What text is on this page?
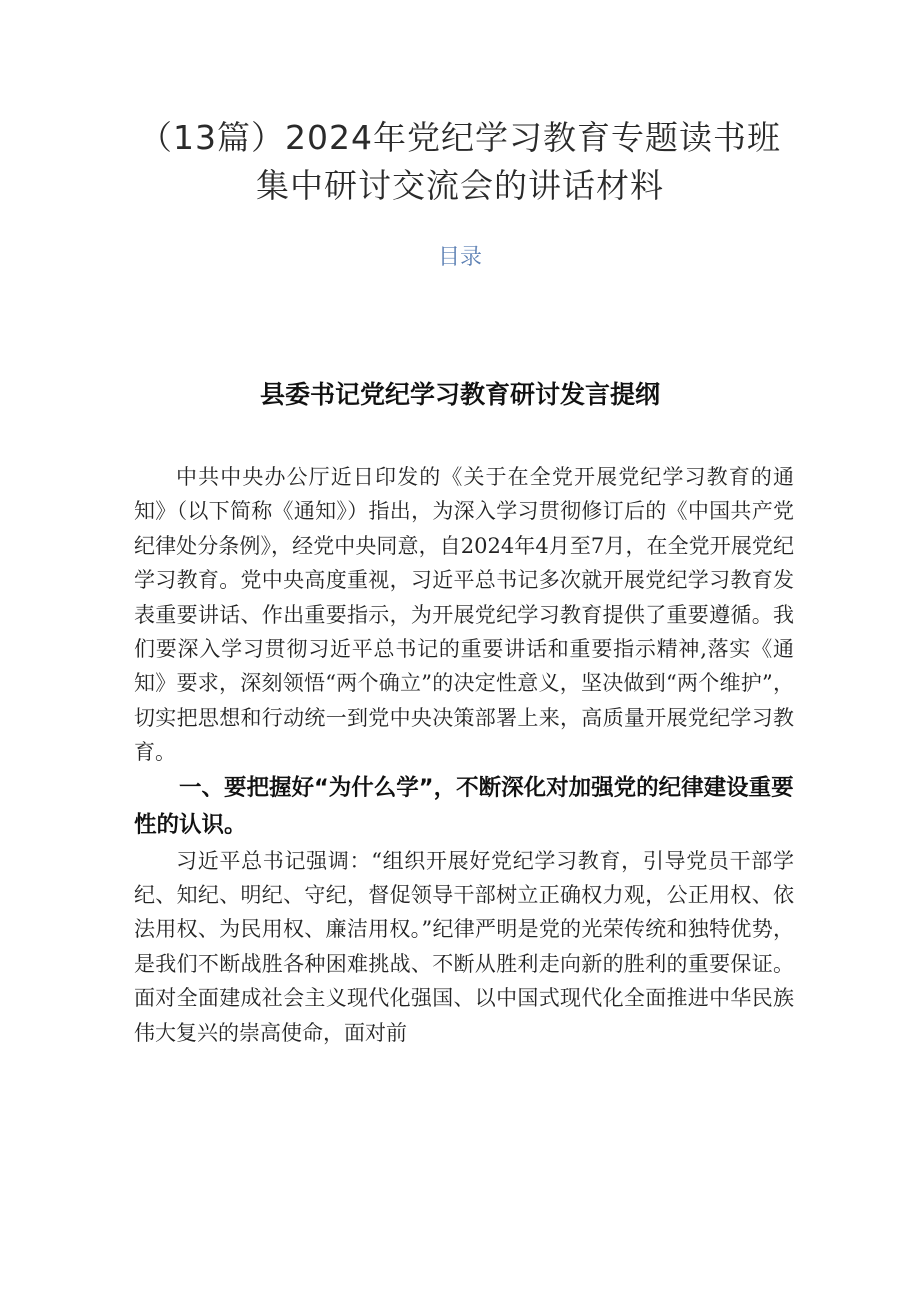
（13篇）2024年党纪学习教育专题读书班
集中研讨交流会的讲话材料
目录
县委书记党纪学习教育研讨发言提纲

中共中央办公厅近日印发的《关于在全党开展党纪学习教育的通知》（以下简称《通知》）指出，为深入学习贯彻修订后的《中国共产党纪律处分条例》，经党中央同意，自2024年4月至7月，在全党开展党纪学习教育。党中央高度重视，习近平总书记多次就开展党纪学习教育发表重要讲话、作出重要指示，为开展党纪学习教育提供了重要遵循。我们要深入学习贯彻习近平总书记的重要讲话和重要指示精神,落实《通知》要求，深刻领悟“两个确立”的决定性意义，坚决做到“两个维护”，切实把思想和行动统一到党中央决策部署上来，高质量开展党纪学习教育。

一、要把握好“为什么学”，不断深化对加强党的纪律建设重要性的认识。

习近平总书记强调：“组织开展好党纪学习教育，引导党员干部学纪、知纪、明纪、守纪，督促领导干部树立正确权力观，公正用权、依法用权、为民用权、廉洁用权。”纪律严明是党的光荣传统和独特优势，是我们不断战胜各种困难挑战、不断从胜利走向新的胜利的重要保证。面对全面建成社会主义现代化强国、以中国式现代化全面推进中华民族伟大复兴的崇高使命，面对前
